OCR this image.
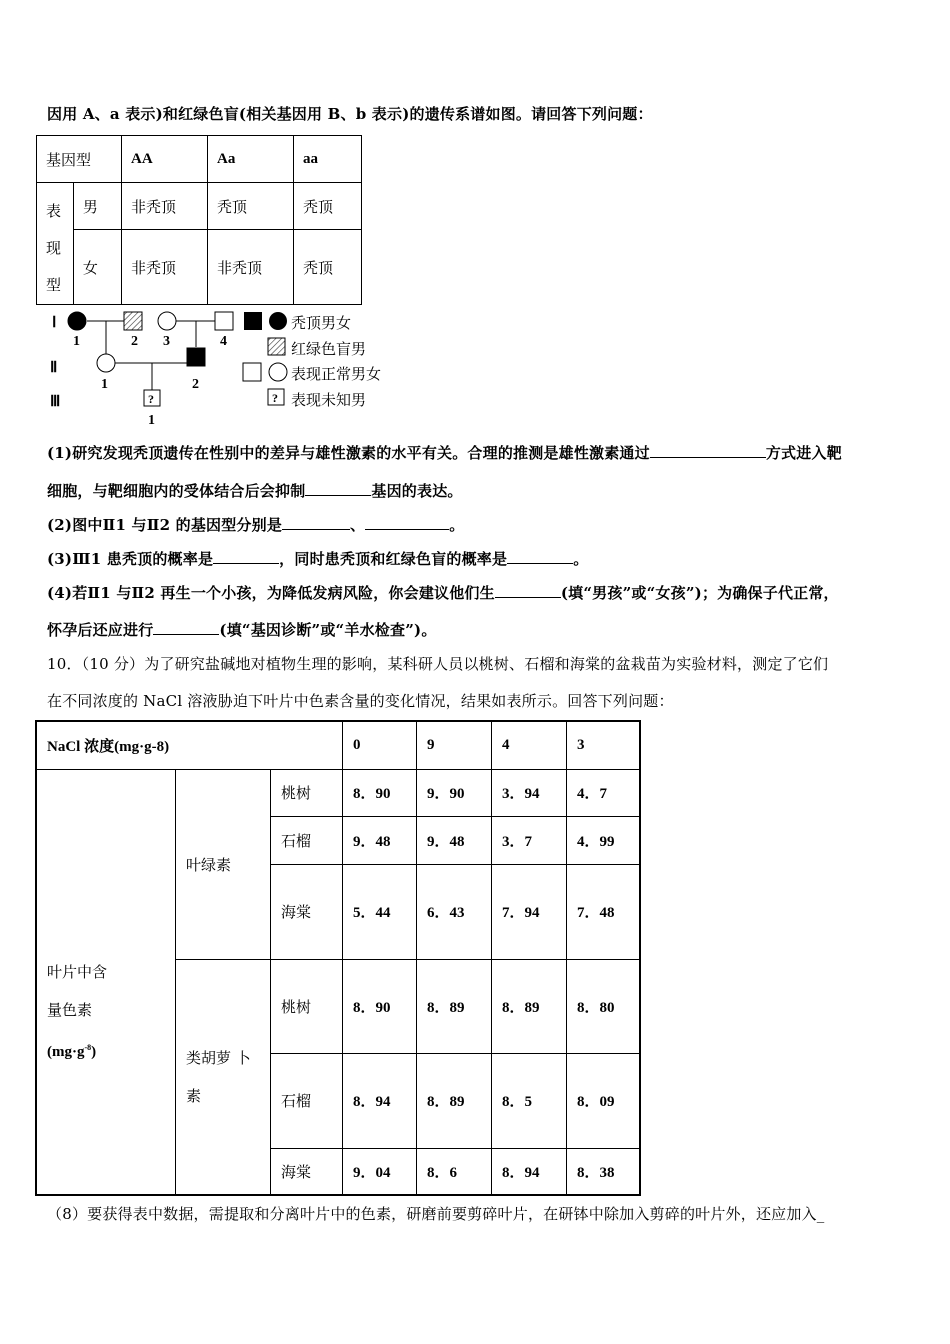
因用 A、a 表示)和红绿色盲(相关基因用 B、b 表示)的遗传系谱如图。请回答下列问题：
基因型		AA	Aa	aa

表
现
型	男	非秃顶	秃顶	秃顶
	女	非秃顶	非秃顶	秃顶
Ⅰ
Ⅱ
Ⅲ
1	2 3	4
1	2
?
1
?
秃顶男女
红绿色盲男
表现正常男女
表现未知男
(1)研究发现秃顶遗传在性别中的差异与雄性激素的水平有关。合理的推测是雄性激素通过	方式进入靶
细胞，与靶细胞内的受体结合后会抑制	基因的表达。
(2)图中Ⅱ1 与Ⅱ2 的基因型分别是	、	。
(3)Ⅲ1 患秃顶的概率是	，同时患秃顶和红绿色盲的概率是	。
(4)若Ⅱ1 与Ⅱ2 再生一个小孩，为降低发病风险，你会建议他们生	(填“男孩”或“女孩”)；为确保子代正常，
怀孕后还应进行	(填“基因诊断”或“羊水检查”)。
10．（10 分）为了研究盐碱地对植物生理的影响，某科研人员以桃树、石榴和海棠的盆栽苗为实验材料，测定了它们
在不同浓度的 NaCl 溶液胁迫下叶片中色素含量的变化情况，结果如表所示。回答下列问题：
NaCl 浓度(mg·g-8)			0	9	4	3

叶片中含
量色素
$(mg\cdot g^{-8})$	叶绿素	桃树	8．90	9．90	3．94	4．7
		石榴	9．48	9．48	3．7	4．99
		海棠	5．44	6．43	7．94	7．48

	类胡萝 卜
素	桃树	8．90	8．89	8．89	8．80
		石榴	8．94	8．89	8．5	8．09
		海棠	9．04	8．6	8．94	8．38
（8）要获得表中数据，需提取和分离叶片中的色素，研磨前要剪碎叶片，在研钵中除加入剪碎的叶片外，还应加入_
